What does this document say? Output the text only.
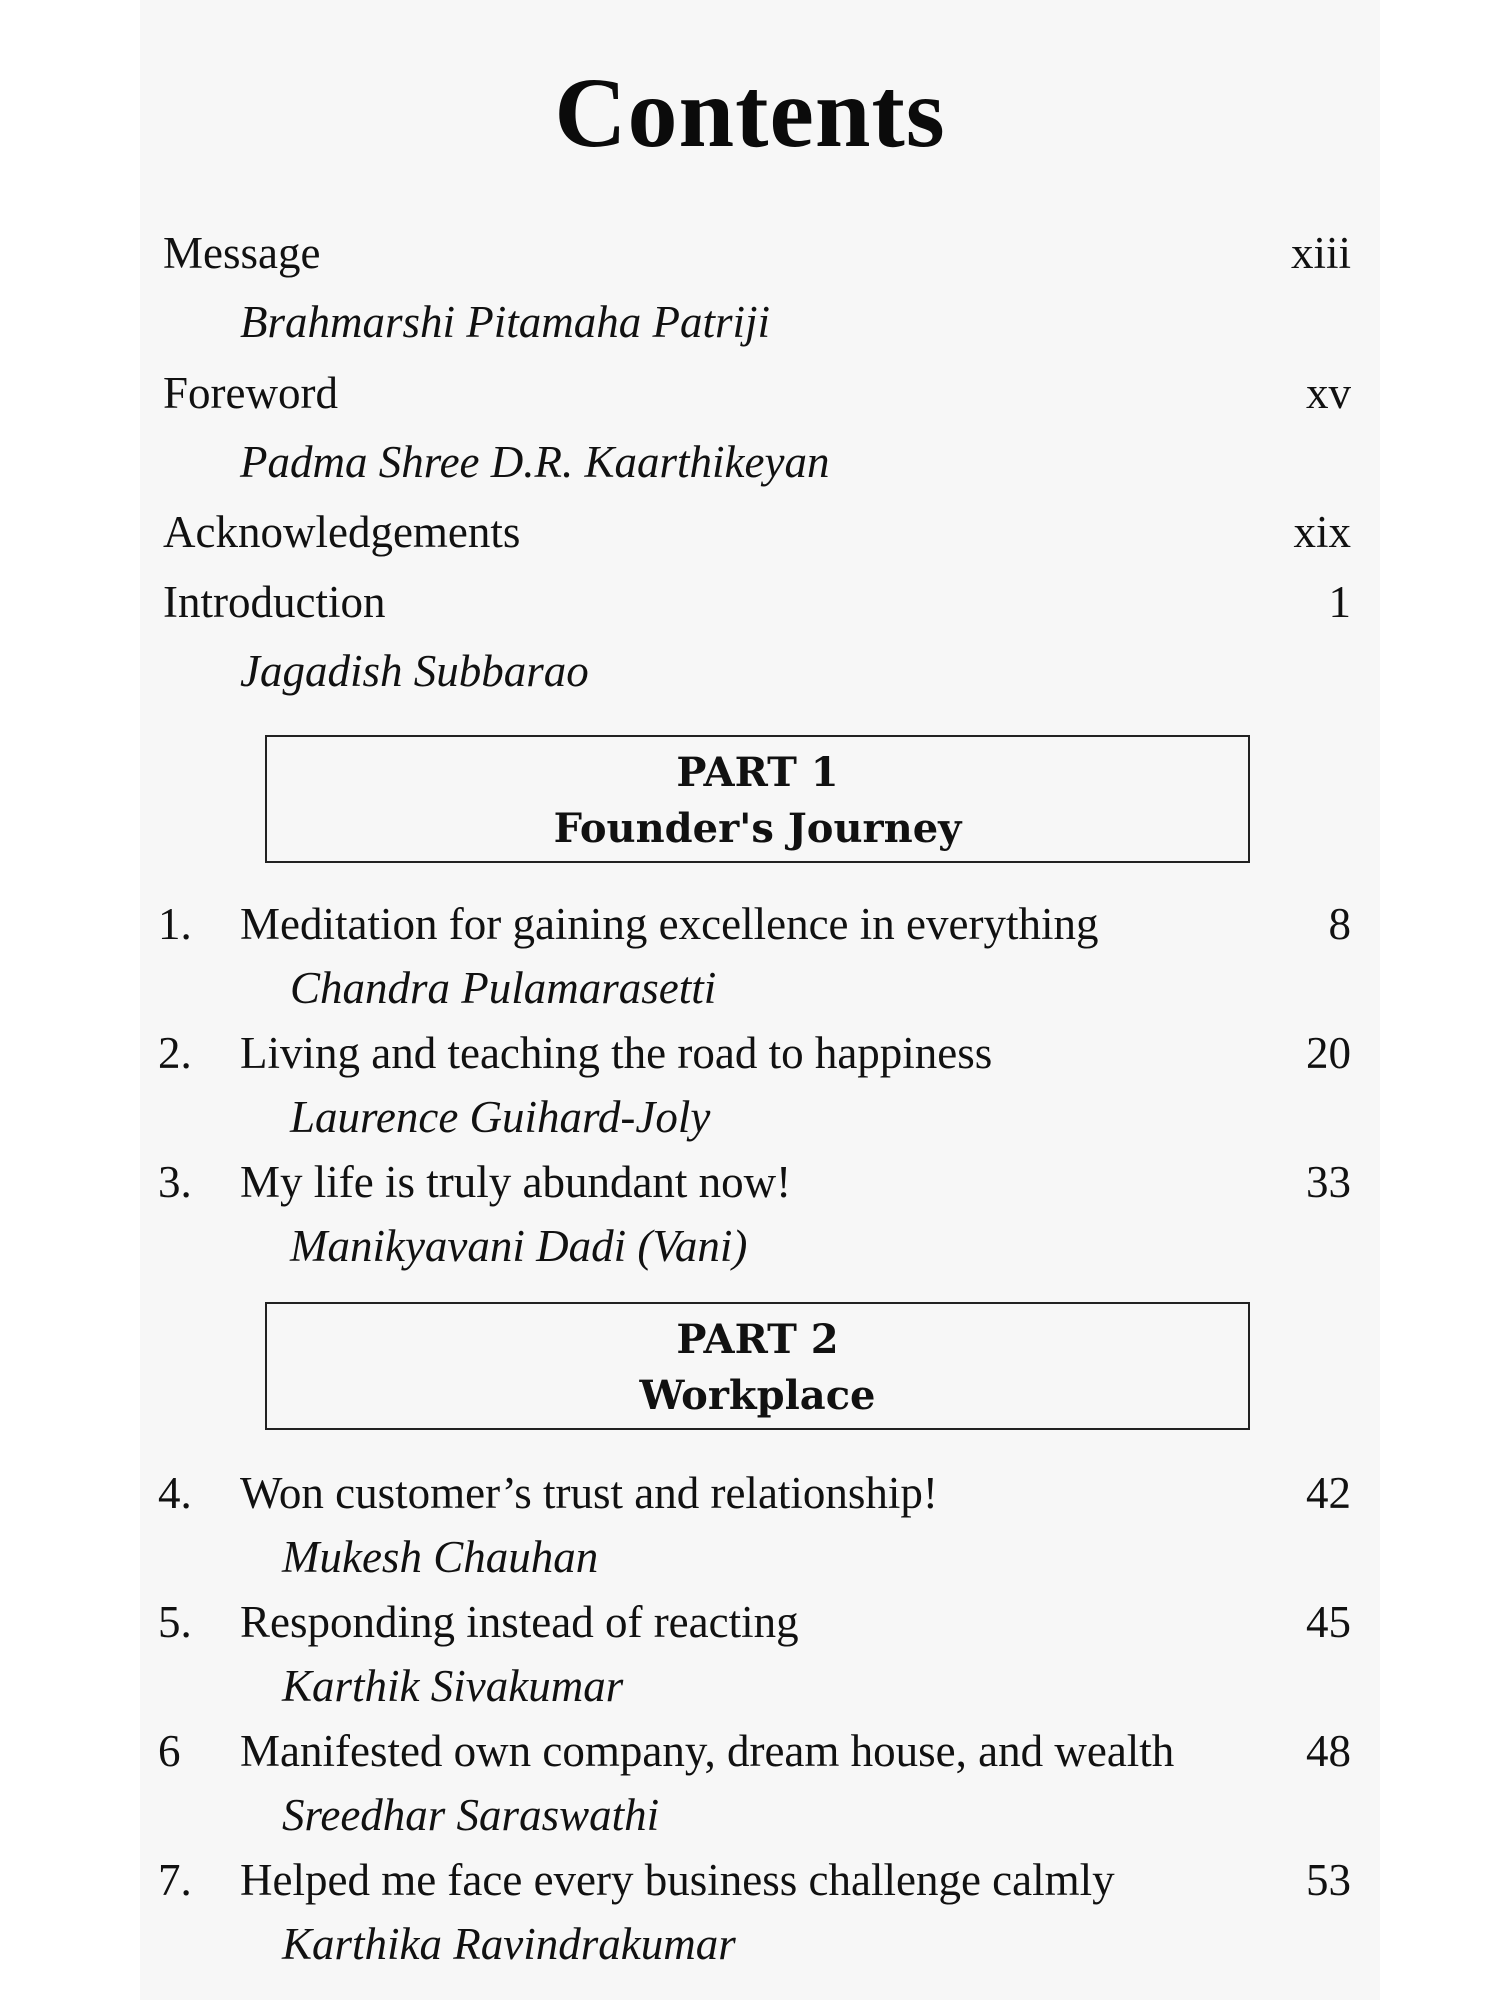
Contents
Message	xiii
Brahmarshi Pitamaha Patriji
Foreword	xv
Padma Shree D.R. Kaarthikeyan
Acknowledgements	xix
Introduction	1
Jagadish Subbarao
PART 1
Founder's Journey
1. Meditation for gaining excellence in everything	8
Chandra Pulamarasetti
2. Living and teaching the road to happiness	20
Laurence Guihard-Joly
3. My life is truly abundant now!	33
Manikyavani Dadi (Vani)
PART 2
Workplace
4. Won customer’s trust and relationship!	42
Mukesh Chauhan
5. Responding instead of reacting	45
Karthik Sivakumar
6 Manifested own company, dream house, and wealth	48
Sreedhar Saraswathi
7. Helped me face every business challenge calmly	53
Karthika Ravindrakumar
